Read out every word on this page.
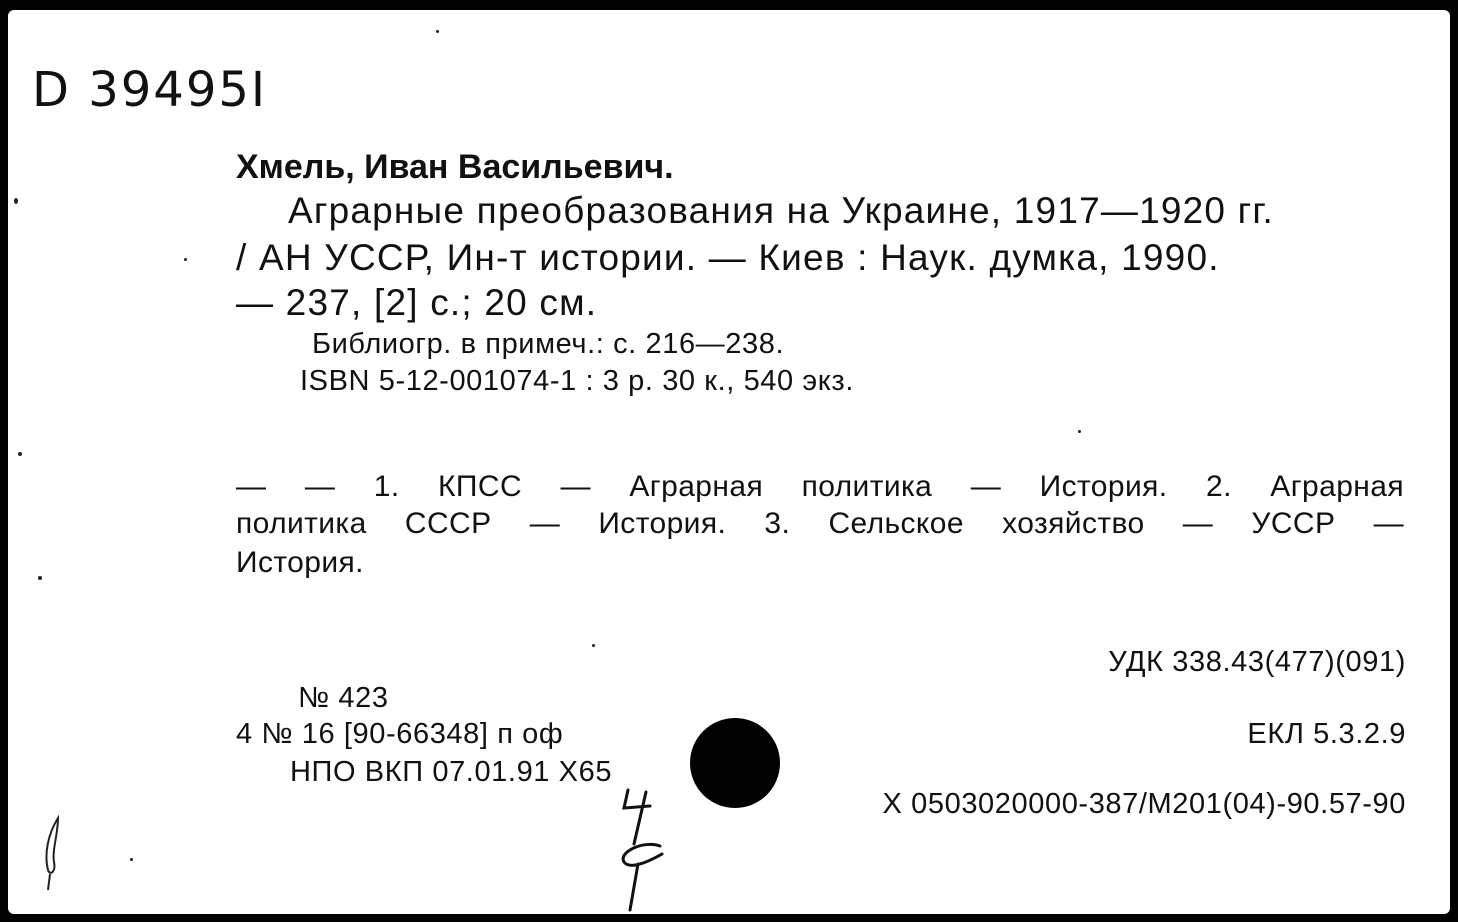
D 39495I
Хмель, Иван Васильевич.
Аграрные преобразования на Украине, 1917—1920 гг.
/ АН УССР, Ин-т истории. — Киев : Наук. думка, 1990.
— 237, [2] с.; 20 см.
Библиогр. в примеч.: с. 216—238.
ISBN 5-12-001074-1 : 3 р. 30 к., 540 экз.
— — 1. КПСС — Аграрная политика — История. 2. Аграрная
политика СССР — История. 3. Сельское хозяйство — УССР —
История.
УДК 338.43(477)(091)
№ 423
4 № 16 [90-66348] п оф	ЕКЛ 5.3.2.9
НПО ВКП 07.01.91 Х65
Х 0503020000-387/М201(04)-90.57-90
